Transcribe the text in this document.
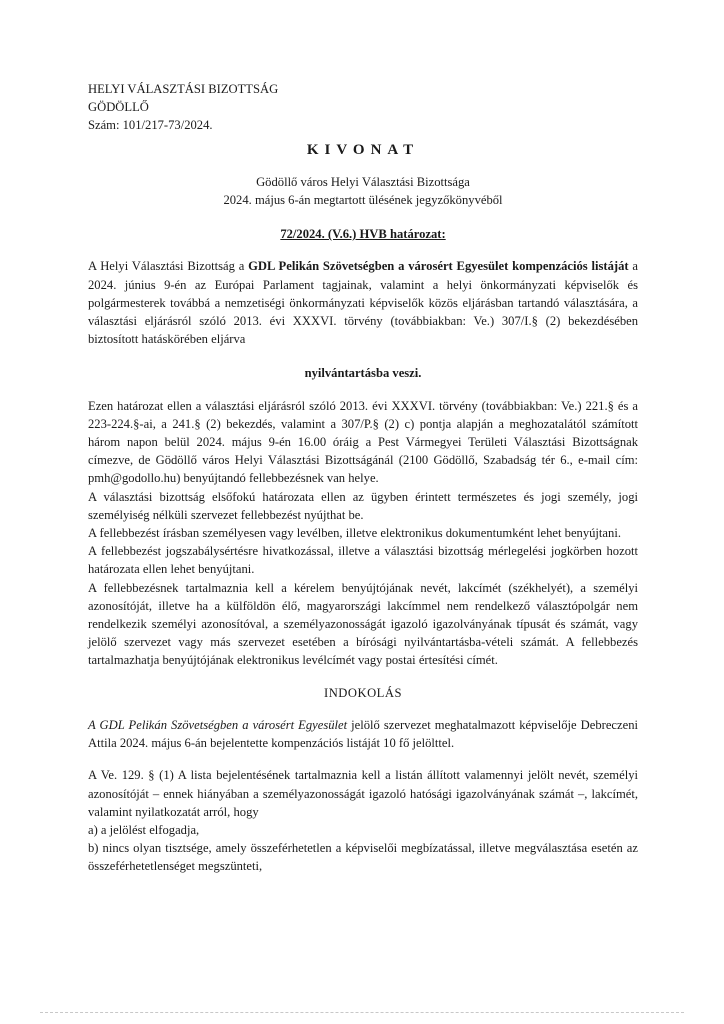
HELYI VÁLASZTÁSI BIZOTTSÁG

GÖDÖLLŐ

Szám: 101/217-73/2024.

KIVONAT

Gödöllő város Helyi Választási Bizottsága

2024. május 6-án megtartott ülésének jegyzőkönyvéből

72/2024. (V.6.) HVB határozat:

A Helyi Választási Bizottság a GDL Pelikán Szövetségben a városért Egyesület kompenzációs listáját a 2024. június 9-én az Európai Parlament tagjainak, valamint a helyi önkormányzati képviselők és polgármesterek továbbá a nemzetiségi önkormányzati képviselők közös eljárásban tartandó választására, a választási eljárásról szóló 2013. évi XXXVI. törvény (továbbiakban: Ve.) 307/I.§ (2) bekezdésében biztosított hatáskörében eljárva

nyilvántartásba veszi.

Ezen határozat ellen a választási eljárásról szóló 2013. évi XXXVI. törvény (továbbiakban: Ve.) 221.§ és a 223-224.§-ai, a 241.§ (2) bekezdés, valamint a 307/P.§ (2) c) pontja alapján a meghozatalától számított három napon belül 2024. május 9-én 16.00 óráig a Pest Vármegyei Területi Választási Bizottságnak címezve, de Gödöllő város Helyi Választási Bizottságánál (2100 Gödöllő, Szabadság tér 6., e-mail cím: pmh@godollo.hu) benyújtandó fellebbezésnek van helye.

A választási bizottság elsőfokú határozata ellen az ügyben érintett természetes és jogi személy, jogi személyiség nélküli szervezet fellebbezést nyújthat be.

A fellebbezést írásban személyesen vagy levélben, illetve elektronikus dokumentumként lehet benyújtani.

A fellebbezést jogszabálysértésre hivatkozással, illetve a választási bizottság mérlegelési jogkörben hozott határozata ellen lehet benyújtani.

A fellebbezésnek tartalmaznia kell a kérelem benyújtójának nevét, lakcímét (székhelyét), a személyi azonosítóját, illetve ha a külföldön élő, magyarországi lakcímmel nem rendelkező választópolgár nem rendelkezik személyi azonosítóval, a személyazonosságát igazoló igazolványának típusát és számát, vagy jelölő szervezet vagy más szervezet esetében a bírósági nyilvántartásba-vételi számát. A fellebbezés tartalmazhatja benyújtójának elektronikus levélcímét vagy postai értesítési címét.

INDOKOLÁS

A GDL Pelikán Szövetségben a városért Egyesület jelölő szervezet meghatalmazott képviselője Debreczeni Attila 2024. május 6-án bejelentette kompenzációs listáját 10 fő jelölttel.

A Ve. 129. § (1) A lista bejelentésének tartalmaznia kell a listán állított valamennyi jelölt nevét, személyi azonosítóját – ennek hiányában a személyazonosságát igazoló hatósági igazolványának számát –, lakcímét, valamint nyilatkozatát arról, hogy

a) a jelölést elfogadja,

b) nincs olyan tisztsége, amely összeférhetetlen a képviselői megbízatással, illetve megválasztása esetén az összeférhetetlenséget megszünteti,
